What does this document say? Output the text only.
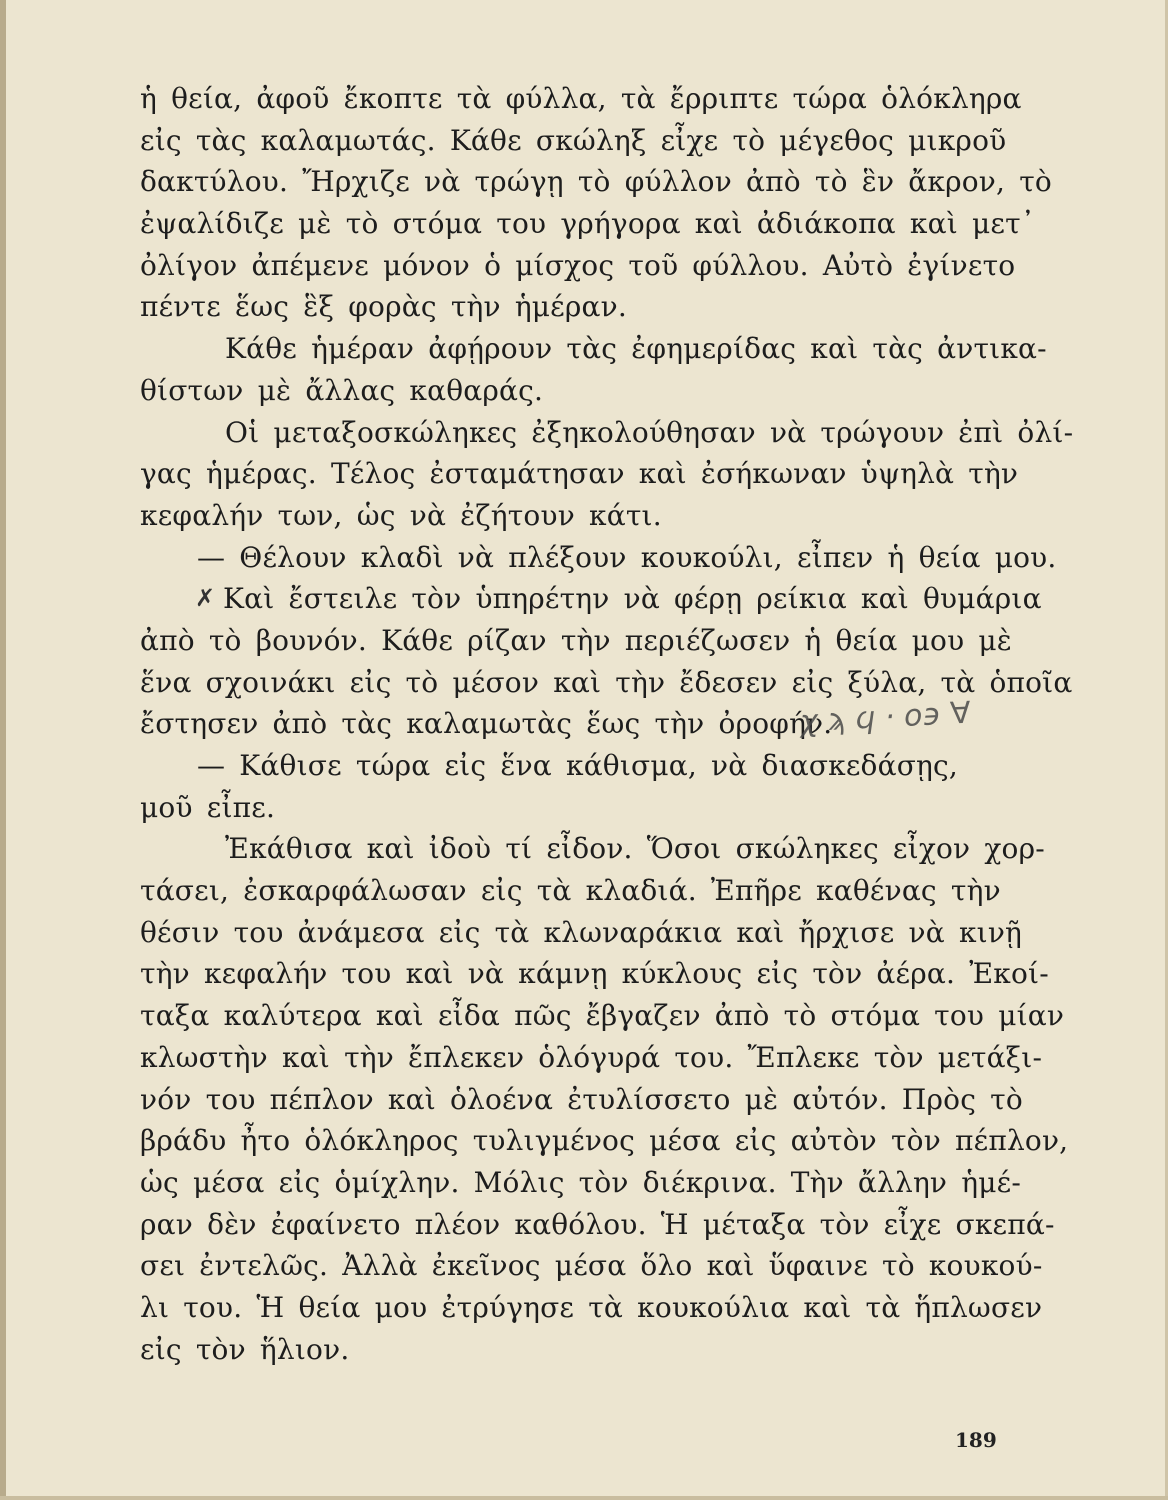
ἡ θεία, ἀφοῦ ἔκοπτε τὰ φύλλα, τὰ ἔρριπτε τώρα ὁλόκληρα
εἰς τὰς καλαμωτάς. Κάθε σκώληξ εἶχε τὸ μέγεθος μικροῦ
δακτύλου. Ἤρχιζε νὰ τρώγῃ τὸ φύλλον ἀπὸ τὸ ἓν ἄκρον, τὸ
ἐψαλίδιζε μὲ τὸ στόμα του γρήγορα καὶ ἀδιάκοπα καὶ μετ᾽
ὀλίγον ἀπέμενε μόνον ὁ μίσχος τοῦ φύλλου. Αὐτὸ ἐγίνετο
πέντε ἕως ἓξ φορὰς τὴν ἡμέραν.
Κάθε ἡμέραν ἀφῄρουν τὰς ἐφημερίδας καὶ τὰς ἀντικα-
θίστων μὲ ἄλλας καθαράς.
Οἱ μεταξοσκώληκες ἐξηκολούθησαν νὰ τρώγουν ἐπὶ ὀλί-
γας ἡμέρας. Τέλος ἐσταμάτησαν καὶ ἐσήκωναν ὑψηλὰ τὴν
κεφαλήν των, ὡς νὰ ἐζήτουν κάτι.
— Θέλουν κλαδὶ νὰ πλέξουν κουκούλι, εἶπεν ἡ θεία μου.
✗ Καὶ ἔστειλε τὸν ὑπηρέτην νὰ φέρῃ ρείκια καὶ θυμάρια
ἀπὸ τὸ βουνόν. Κάθε ρίζαν τὴν περιέζωσεν ἡ θεία μου μὲ
ἕνα σχοινάκι εἰς τὸ μέσον καὶ τὴν ἔδεσεν εἰς ξύλα, τὰ ὁποῖα
ἔστησεν ἀπὸ τὰς καλαμωτὰς ἕως τὴν ὀροφήν.
— Κάθισε τώρα εἰς ἕνα κάθισμα, νὰ διασκεδάσῃς,
μοῦ εἶπε.
Ἐκάθισα καὶ ἰδοὺ τί εἶδον. Ὅσοι σκώληκες εἶχον χορ-
τάσει, ἐσκαρφάλωσαν εἰς τὰ κλαδιά. Ἐπῆρε καθένας τὴν
θέσιν του ἀνάμεσα εἰς τὰ κλωναράκια καὶ ἤρχισε νὰ κινῇ
τὴν κεφαλήν του καὶ νὰ κάμνῃ κύκλους εἰς τὸν ἀέρα. Ἐκοί-
ταξα καλύτερα καὶ εἶδα πῶς ἔβγαζεν ἀπὸ τὸ στόμα του μίαν
κλωστὴν καὶ τὴν ἔπλεκεν ὁλόγυρά του. Ἔπλεκε τὸν μετάξι-
νόν του πέπλον καὶ ὁλοένα ἐτυλίσσετο μὲ αὐτόν. Πρὸς τὸ
βράδυ ἦτο ὁλόκληρος τυλιγμένος μέσα εἰς αὐτὸν τὸν πέπλον,
ὡς μέσα εἰς ὁμίχλην. Μόλις τὸν διέκρινα. Τὴν ἄλλην ἡμέ-
ραν δὲν ἐφαίνετο πλέον καθόλου. Ἡ μέταξα τὸν εἶχε σκεπά-
σει ἐντελῶς. Ἀλλὰ ἐκεῖνος μέσα ὅλο καὶ ὕφαινε τὸ κουκού-
λι του. Ἡ θεία μου ἐτρύγησε τὰ κουκούλια καὶ τὰ ἥπλωσεν
εἰς τὸν ἥλιον.
χ ϡ ϥ · ο϶ ∀
189
